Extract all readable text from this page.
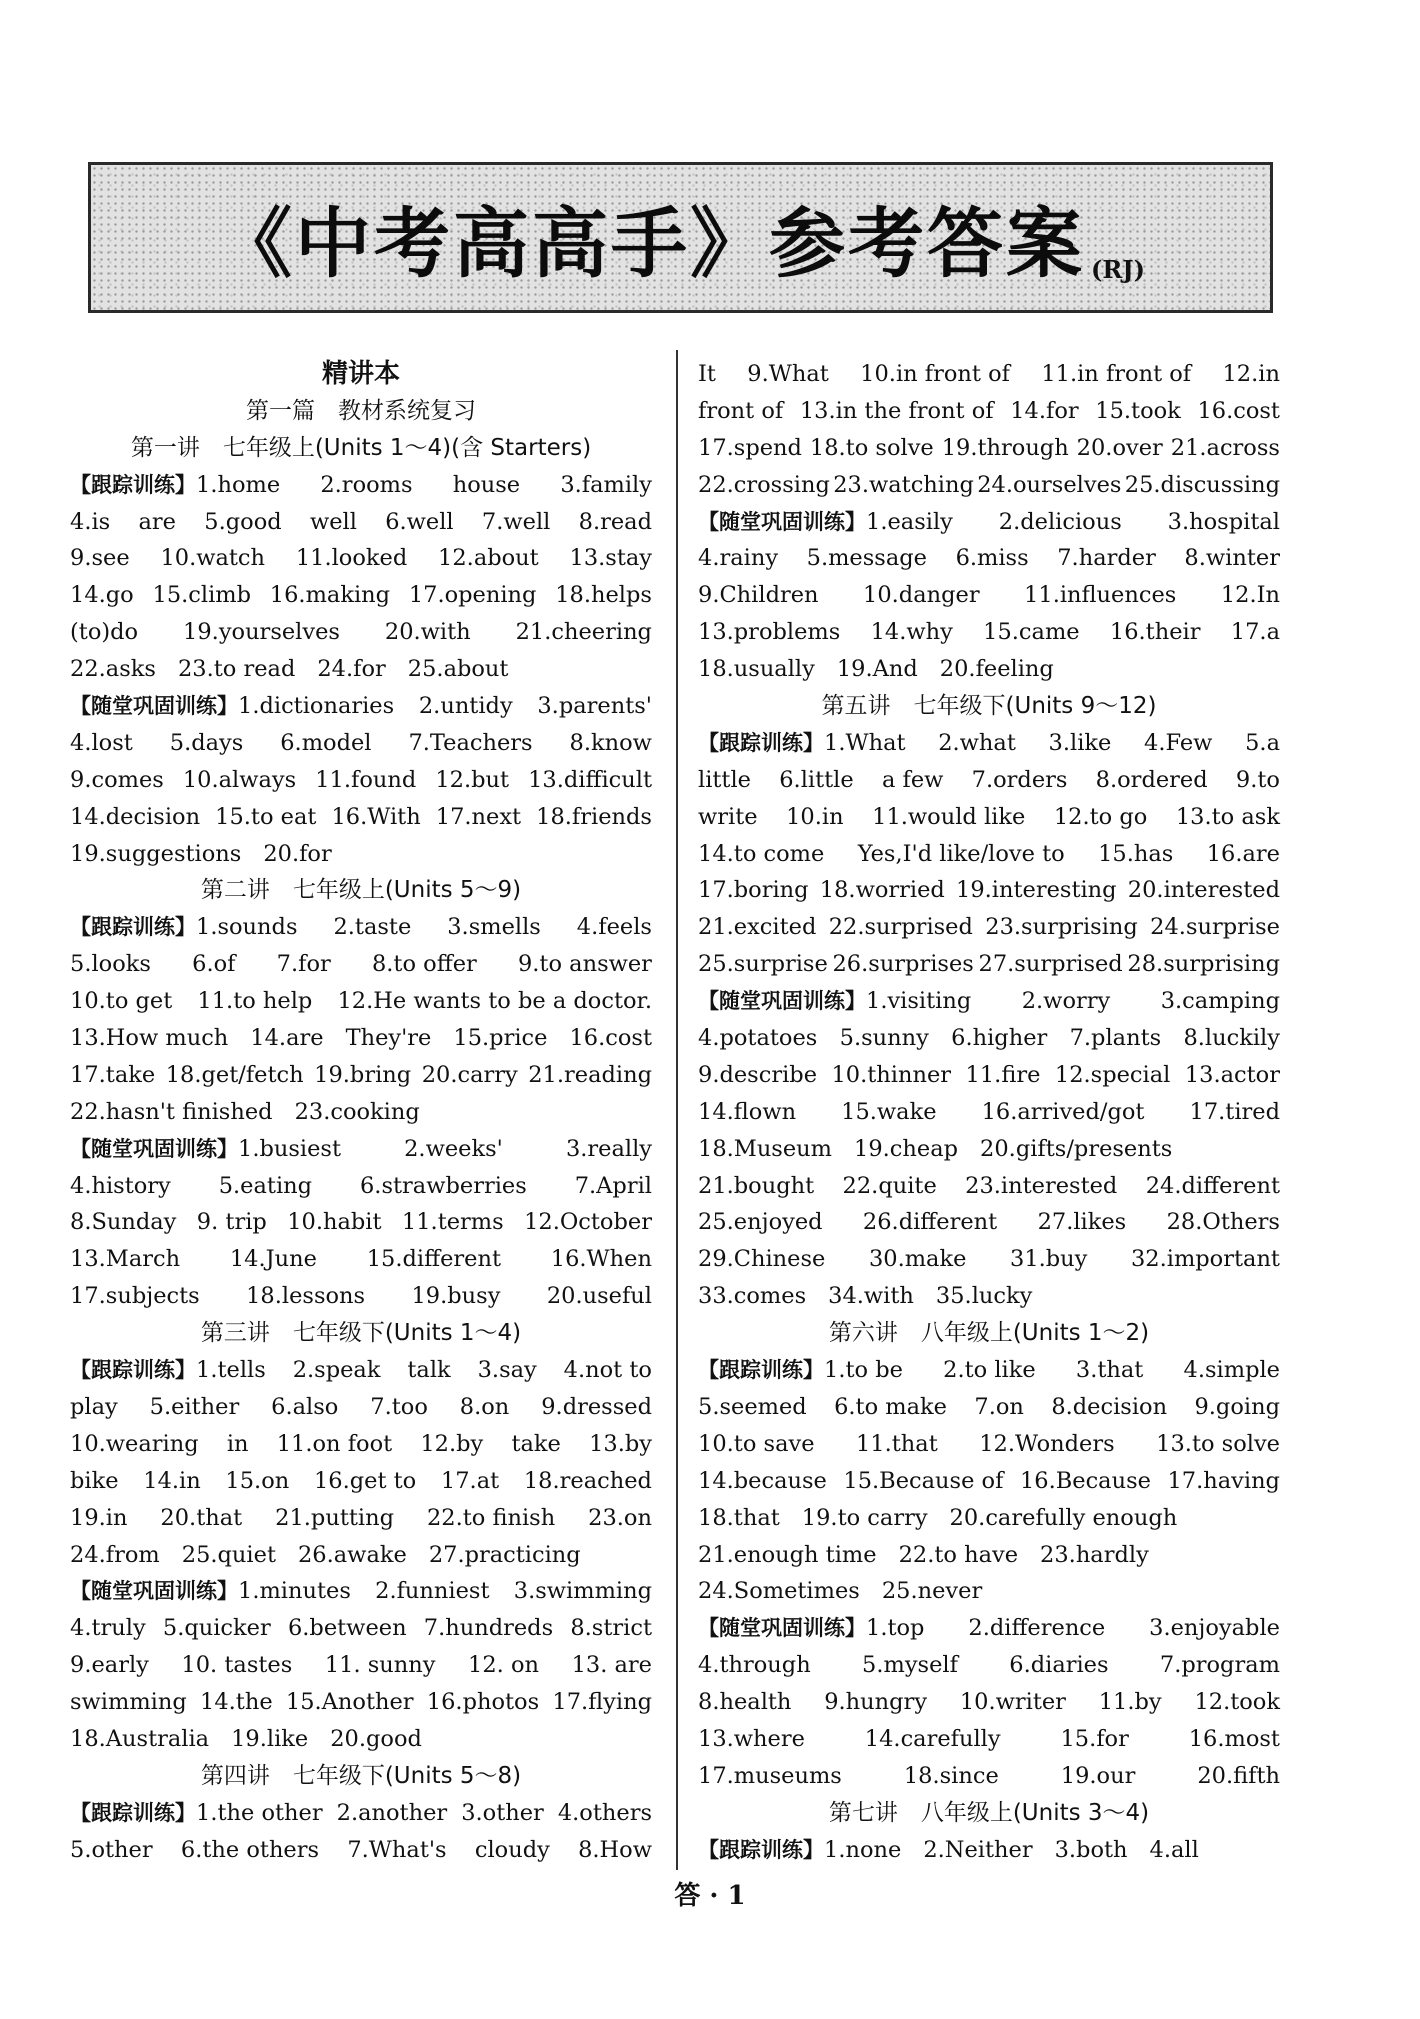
《中考高高手》参考答案 (RJ)
精讲本
第一篇　教材系统复习
第一讲　七年级上(Units 1～4)(含 Starters)
【跟踪训练】1.home 2.rooms house 3.family
4.is are 5.good well 6.well 7.well 8.read
9.see 10.watch 11.looked 12.about 13.stay
14.go 15.climb 16.making 17.opening 18.helps
(to)do 19.yourselves 20.with 21.cheering
22.asks 23.to read 24.for 25.about
【随堂巩固训练】1.dictionaries 2.untidy 3.parents'
4.lost 5.days 6.model 7.Teachers 8.know
9.comes 10.always 11.found 12.but 13.difficult
14.decision 15.to eat 16.With 17.next 18.friends
19.suggestions 20.for
第二讲　七年级上(Units 5～9)
【跟踪训练】1.sounds 2.taste 3.smells 4.feels
5.looks 6.of 7.for 8.to offer 9.to answer
10.to get 11.to help 12.He wants to be a doctor.
13.How much 14.are They're 15.price 16.cost
17.take 18.get/fetch 19.bring 20.carry 21.reading
22.hasn't finished 23.cooking
【随堂巩固训练】1.busiest	2.weeks'	3.really
4.history 5.eating 6.strawberries 7.April
8.Sunday 9. trip 10.habit 11.terms 12.October
13.March 14.June 15.different 16.When
17.subjects 18.lessons 19.busy 20.useful
第三讲　七年级下(Units 1～4)
【跟踪训练】1.tells 2.speak talk 3.say 4.not to
play 5.either 6.also 7.too 8.on 9.dressed
10.wearing in 11.on foot 12.by take 13.by
bike 14.in 15.on 16.get to 17.at 18.reached
19.in 20.that 21.putting 22.to finish 23.on
24.from 25.quiet 26.awake 27.practicing
【随堂巩固训练】1.minutes 2.funniest 3.swimming
4.truly 5.quicker 6.between 7.hundreds 8.strict
9.early 10. tastes 11. sunny 12. on 13. are
swimming 14.the 15.Another 16.photos 17.flying
18.Australia 19.like 20.good
第四讲　七年级下(Units 5～8)
【跟踪训练】1.the other 2.another 3.other 4.others
5.other 6.the others 7.What's cloudy 8.How
It 9.What 10.in front of 11.in front of 12.in
front of 13.in the front of 14.for 15.took 16.cost
17.spend 18.to solve 19.through 20.over 21.across
22.crossing 23.watching 24.ourselves 25.discussing
【随堂巩固训练】1.easily 2.delicious 3.hospital
4.rainy 5.message 6.miss 7.harder 8.winter
9.Children 10.danger 11.influences 12.In
13.problems 14.why 15.came 16.their 17.a
18.usually 19.And 20.feeling
第五讲　七年级下(Units 9～12)
【跟踪训练】1.What 2.what 3.like 4.Few 5.a
little 6.little a few 7.orders 8.ordered 9.to
write 10.in 11.would like 12.to go 13.to ask
14.to come Yes,I'd like/love to 15.has 16.are
17.boring 18.worried 19.interesting 20.interested
21.excited 22.surprised 23.surprising 24.surprise
25.surprise 26.surprises 27.surprised 28.surprising
【随堂巩固训练】1.visiting 2.worry 3.camping
4.potatoes 5.sunny 6.higher 7.plants 8.luckily
9.describe 10.thinner 11.fire 12.special 13.actor
14.flown 15.wake 16.arrived/got 17.tired
18.Museum 19.cheap 20.gifts/presents
21.bought 22.quite 23.interested 24.different
25.enjoyed 26.different 27.likes 28.Others
29.Chinese 30.make 31.buy 32.important
33.comes 34.with 35.lucky
第六讲　八年级上(Units 1～2)
【跟踪训练】1.to be 2.to like 3.that 4.simple
5.seemed 6.to make 7.on 8.decision 9.going
10.to save 11.that 12.Wonders 13.to solve
14.because 15.Because of 16.Because 17.having
18.that 19.to carry 20.carefully enough
21.enough time 22.to have 23.hardly
24.Sometimes 25.never
【随堂巩固训练】1.top 2.difference 3.enjoyable
4.through 5.myself 6.diaries 7.program
8.health 9.hungry 10.writer 11.by 12.took
13.where	14.carefully	15.for	16.most
17.museums	18.since	19.our	20.fifth
第七讲　八年级上(Units 3～4)
【跟踪训练】1.none 2.Neither 3.both 4.all
答 · 1
